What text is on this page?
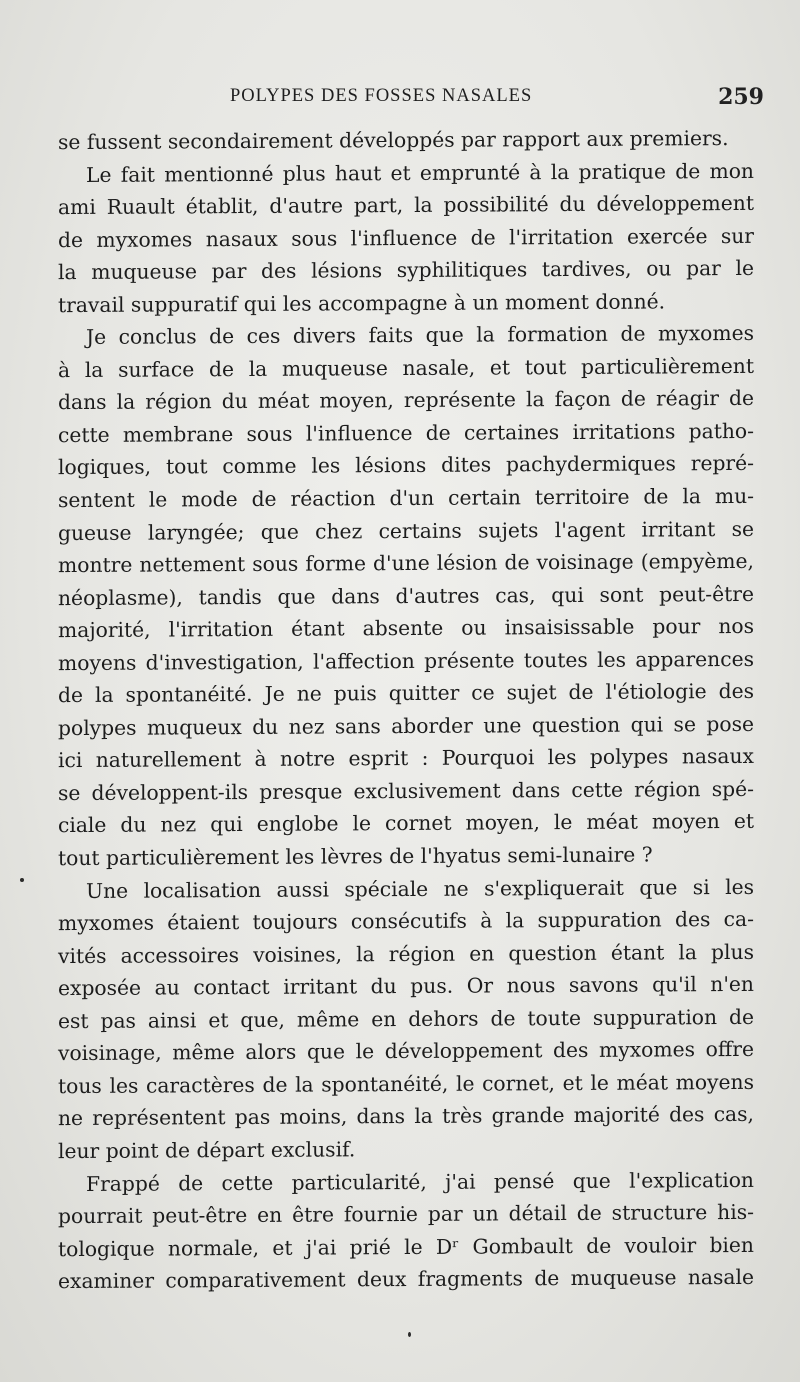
POLYPES DES FOSSES NASALES	259
se fussent secondairement développés par rapport aux premiers.
Le fait mentionné plus haut et emprunté à la pratique de mon
ami Ruault établit, d'autre part, la possibilité du développement
de myxomes nasaux sous l'influence de l'irritation exercée sur
la muqueuse par des lésions syphilitiques tardives, ou par le
travail suppuratif qui les accompagne à un moment donné.
Je conclus de ces divers faits que la formation de myxomes
à la surface de la muqueuse nasale, et tout particulièrement
dans la région du méat moyen, représente la façon de réagir de
cette membrane sous l'influence de certaines irritations patho-
logiques, tout comme les lésions dites pachydermiques repré-
sentent le mode de réaction d'un certain territoire de la mu-
gueuse laryngée; que chez certains sujets l'agent irritant se
montre nettement sous forme d'une lésion de voisinage (empyème,
néoplasme), tandis que dans d'autres cas, qui sont peut-être
majorité, l'irritation étant absente ou insaisissable pour nos
moyens d'investigation, l'affection présente toutes les apparences
de la spontanéité. Je ne puis quitter ce sujet de l'étiologie des
polypes muqueux du nez sans aborder une question qui se pose
ici naturellement à notre esprit : Pourquoi les polypes nasaux
se développent-ils presque exclusivement dans cette région spé-
ciale du nez qui englobe le cornet moyen, le méat moyen et
tout particulièrement les lèvres de l'hyatus semi-lunaire ?
Une localisation aussi spéciale ne s'expliquerait que si les
myxomes étaient toujours consécutifs à la suppuration des ca-
vités accessoires voisines, la région en question étant la plus
exposée au contact irritant du pus. Or nous savons qu'il n'en
est pas ainsi et que, même en dehors de toute suppuration de
voisinage, même alors que le développement des myxomes offre
tous les caractères de la spontanéité, le cornet, et le méat moyens
ne représentent pas moins, dans la très grande majorité des cas,
leur point de départ exclusif.
Frappé de cette particularité, j'ai pensé que l'explication
pourrait peut-être en être fournie par un détail de structure his-
tologique normale, et j'ai prié le Dʳ Gombault de vouloir bien
examiner comparativement deux fragments de muqueuse nasale
